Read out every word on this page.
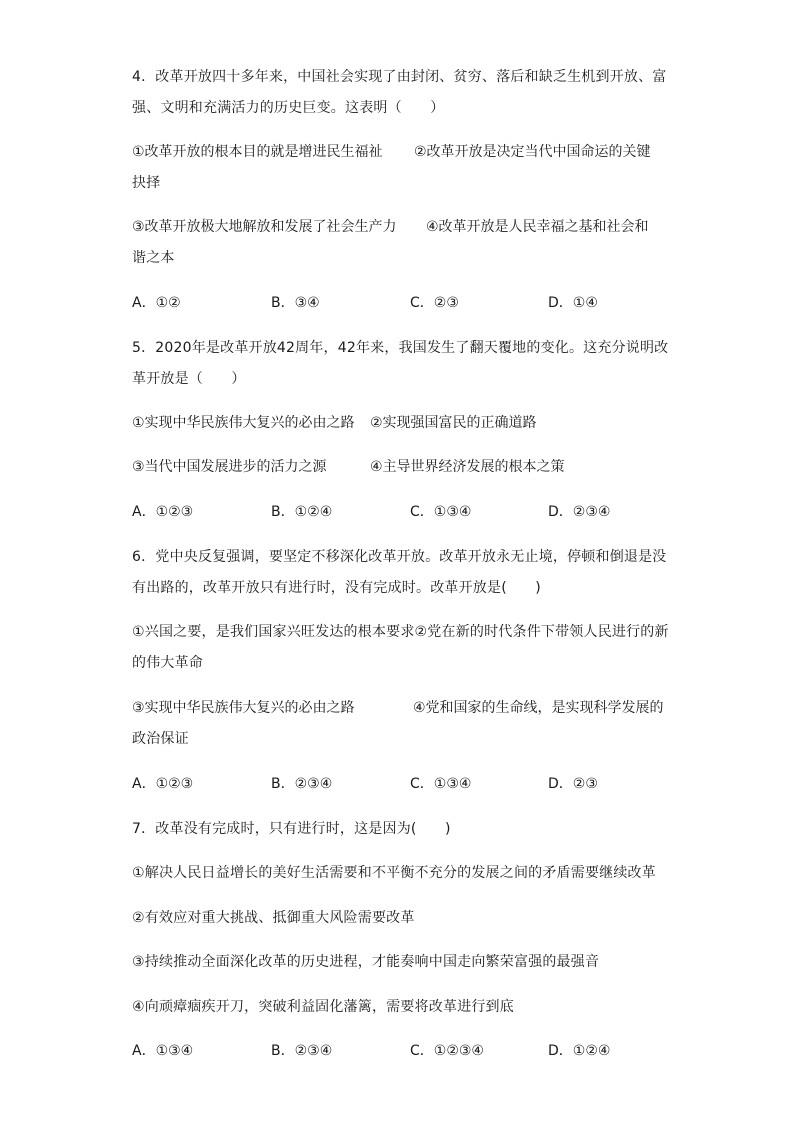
4．改革开放四十多年来，中国社会实现了由封闭、贫穷、落后和缺乏生机到开放、富
强、文明和充满活力的历史巨变。这表明（　　）
①改革开放的根本目的就是增进民生福祉 ②改革开放是决定当代中国命运的关键
抉择
③改革开放极大地解放和发展了社会生产力 ④改革开放是人民幸福之基和社会和
谐之本
A．①②	B．③④	C．②③	D．①④
5．2020年是改革开放42周年，42年来，我国发生了翻天覆地的变化。这充分说明改
革开放是（　　）
①实现中华民族伟大复兴的必由之路 ②实现强国富民的正确道路
③当代中国发展进步的活力之源	④主导世界经济发展的根本之策
A．①②③	B．①②④	C．①③④	D．②③④
6．党中央反复强调，要坚定不移深化改革开放。改革开放永无止境，停顿和倒退是没
有出路的，改革开放只有进行时，没有完成时。改革开放是(　　)
①兴国之要，是我们国家兴旺发达的根本要求②党在新的时代条件下带领人民进行的新
的伟大革命
③实现中华民族伟大复兴的必由之路	④党和国家的生命线，是实现科学发展的
政治保证
A．①②③	B．②③④	C．①③④	D．②③
7．改革没有完成时，只有进行时，这是因为(　　)
①解决人民日益增长的美好生活需要和不平衡不充分的发展之间的矛盾需要继续改革
②有效应对重大挑战、抵御重大风险需要改革
③持续推动全面深化改革的历史进程，才能奏响中国走向繁荣富强的最强音
④向顽瘴痼疾开刀，突破利益固化藩篱，需要将改革进行到底
A．①③④	B．②③④	C．①②③④	D．①②④
